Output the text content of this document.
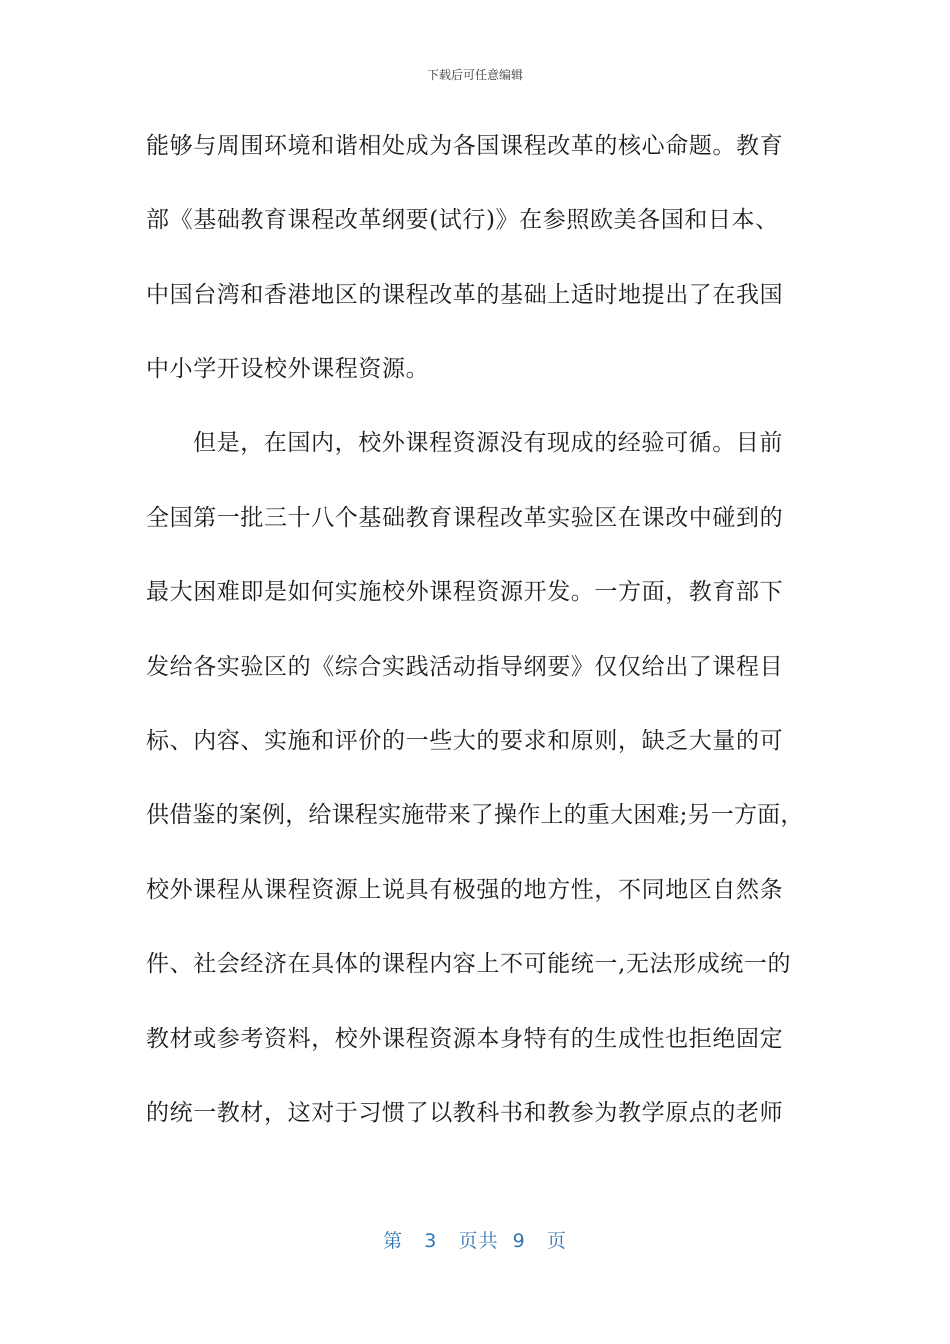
下载后可任意编辑
能够与周围环境和谐相处成为各国课程改革的核心命题。教育
部《基础教育课程改革纲要(试行)》在参照欧美各国和日本、
中国台湾和香港地区的课程改革的基础上适时地提出了在我国
中小学开设校外课程资源。
但是，在国内，校外课程资源没有现成的经验可循。目前
全国第一批三十八个基础教育课程改革实验区在课改中碰到的
最大困难即是如何实施校外课程资源开发。一方面，教育部下
发给各实验区的《综合实践活动指导纲要》仅仅给出了课程目
标、内容、实施和评价的一些大的要求和原则，缺乏大量的可
供借鉴的案例，给课程实施带来了操作上的重大困难;另一方面，
校外课程从课程资源上说具有极强的地方性，不同地区自然条
件、社会经济在具体的课程内容上不可能统一,无法形成统一的
教材或参考资料，校外课程资源本身特有的生成性也拒绝固定
的统一教材，这对于习惯了以教科书和教参为教学原点的老师
第 3 页共 9 页
